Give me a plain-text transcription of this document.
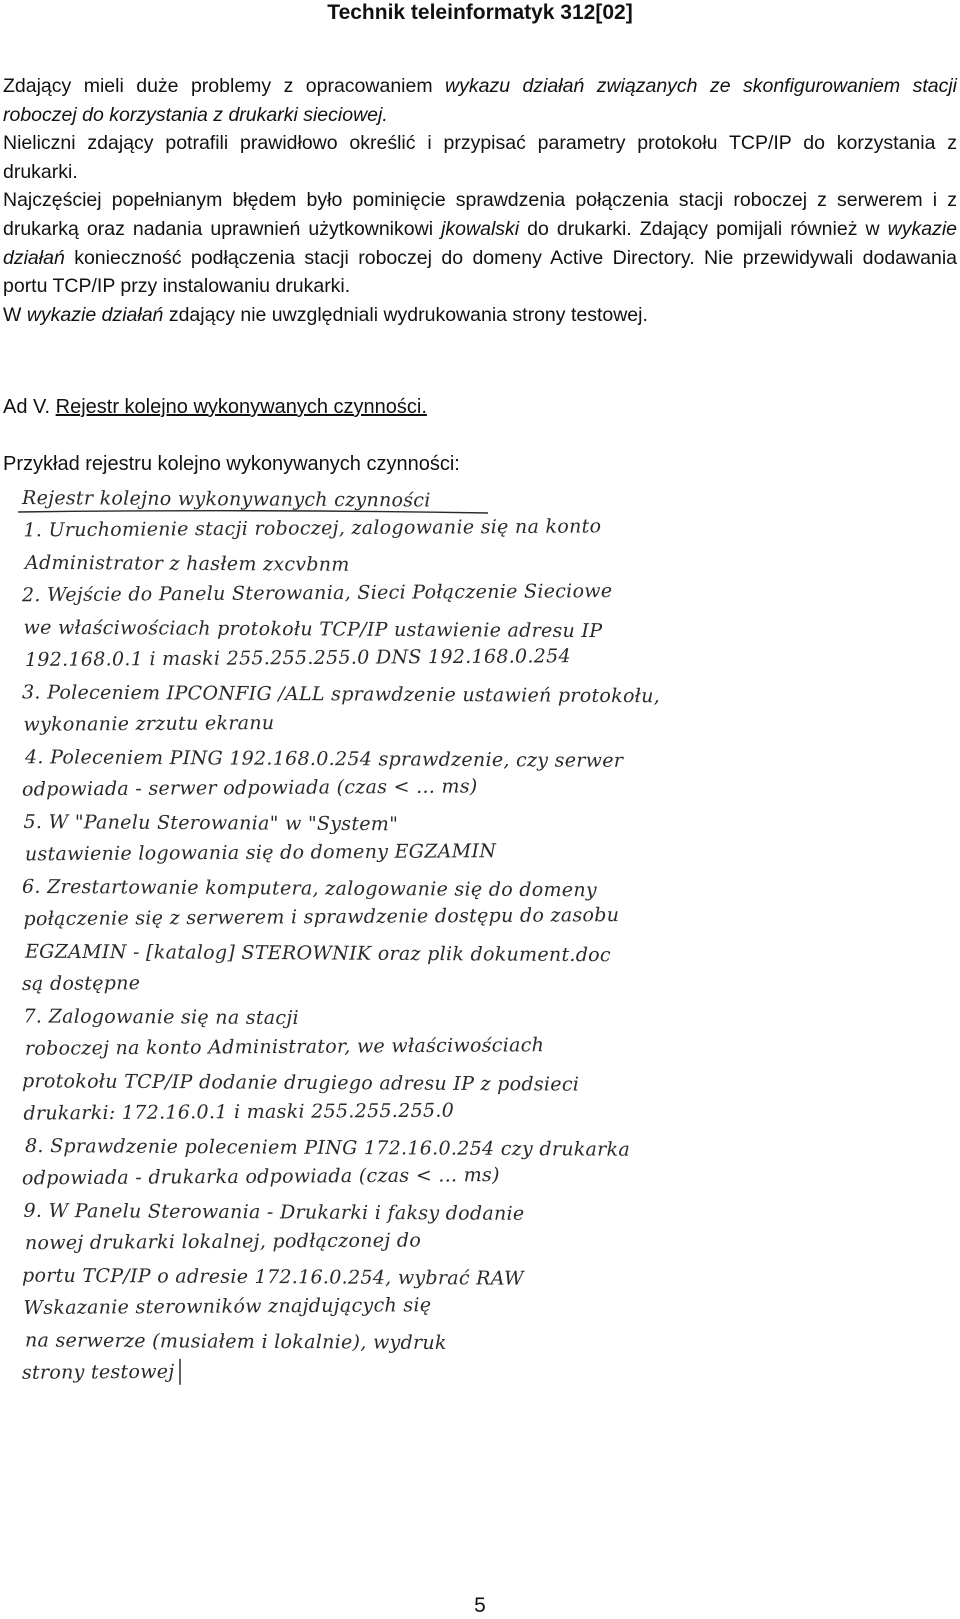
Technik teleinformatyk 312[02]

Zdający mieli duże problemy z opracowaniem wykazu działań związanych ze skonfigurowaniem stacji roboczej do korzystania z drukarki sieciowej.

Nieliczni zdający potrafili prawidłowo określić i przypisać parametry protokołu TCP/IP do korzystania z drukarki.

Najczęściej popełnianym błędem było pominięcie sprawdzenia połączenia stacji roboczej z serwerem i z drukarką oraz nadania uprawnień użytkownikowi jkowalski do drukarki. Zdający pomijali również w wykazie działań konieczność podłączenia stacji roboczej do domeny Active Directory. Nie przewidywali dodawania portu TCP/IP przy instalowaniu drukarki.

W wykazie działań zdający nie uwzględniali wydrukowania strony testowej.

Ad V. Rejestr kolejno wykonywanych czynności.
Przykład rejestru kolejno wykonywanych czynności:
Rejestr kolejno wykonywanych czynności
1. Uruchomienie stacji roboczej, zalogowanie się na konto
Administrator z hasłem zxcvbnm
2. Wejście do Panelu Sterowania, Sieci Połączenie Sieciowe
we właściwościach protokołu TCP/IP ustawienie adresu IP
192.168.0.1 i maski 255.255.255.0 DNS 192.168.0.254
3. Poleceniem IPCONFIG /ALL sprawdzenie ustawień protokołu,
wykonanie zrzutu ekranu
4. Poleceniem PING 192.168.0.254 sprawdzenie, czy serwer
odpowiada - serwer odpowiada (czas < ... ms)
5. W "Panelu Sterowania" w "System"
ustawienie logowania się do domeny EGZAMIN
6. Zrestartowanie komputera, zalogowanie się do domeny
połączenie się z serwerem i sprawdzenie dostępu do zasobu
EGZAMIN - [katalog] STEROWNIK oraz plik dokument.doc
są dostępne
7. Zalogowanie się na stacji
roboczej na konto Administrator, we właściwościach
protokołu TCP/IP dodanie drugiego adresu IP z podsieci
drukarki: 172.16.0.1 i maski 255.255.255.0
8. Sprawdzenie poleceniem PING 172.16.0.254 czy drukarka
odpowiada - drukarka odpowiada (czas < ... ms)
9. W Panelu Sterowania - Drukarki i faksy dodanie
nowej drukarki lokalnej, podłączonej do
portu TCP/IP o adresie 172.16.0.254, wybrać RAW
Wskazanie sterowników znajdujących się
na serwerze (musiałem i lokalnie), wydruk
strony testowej
5
